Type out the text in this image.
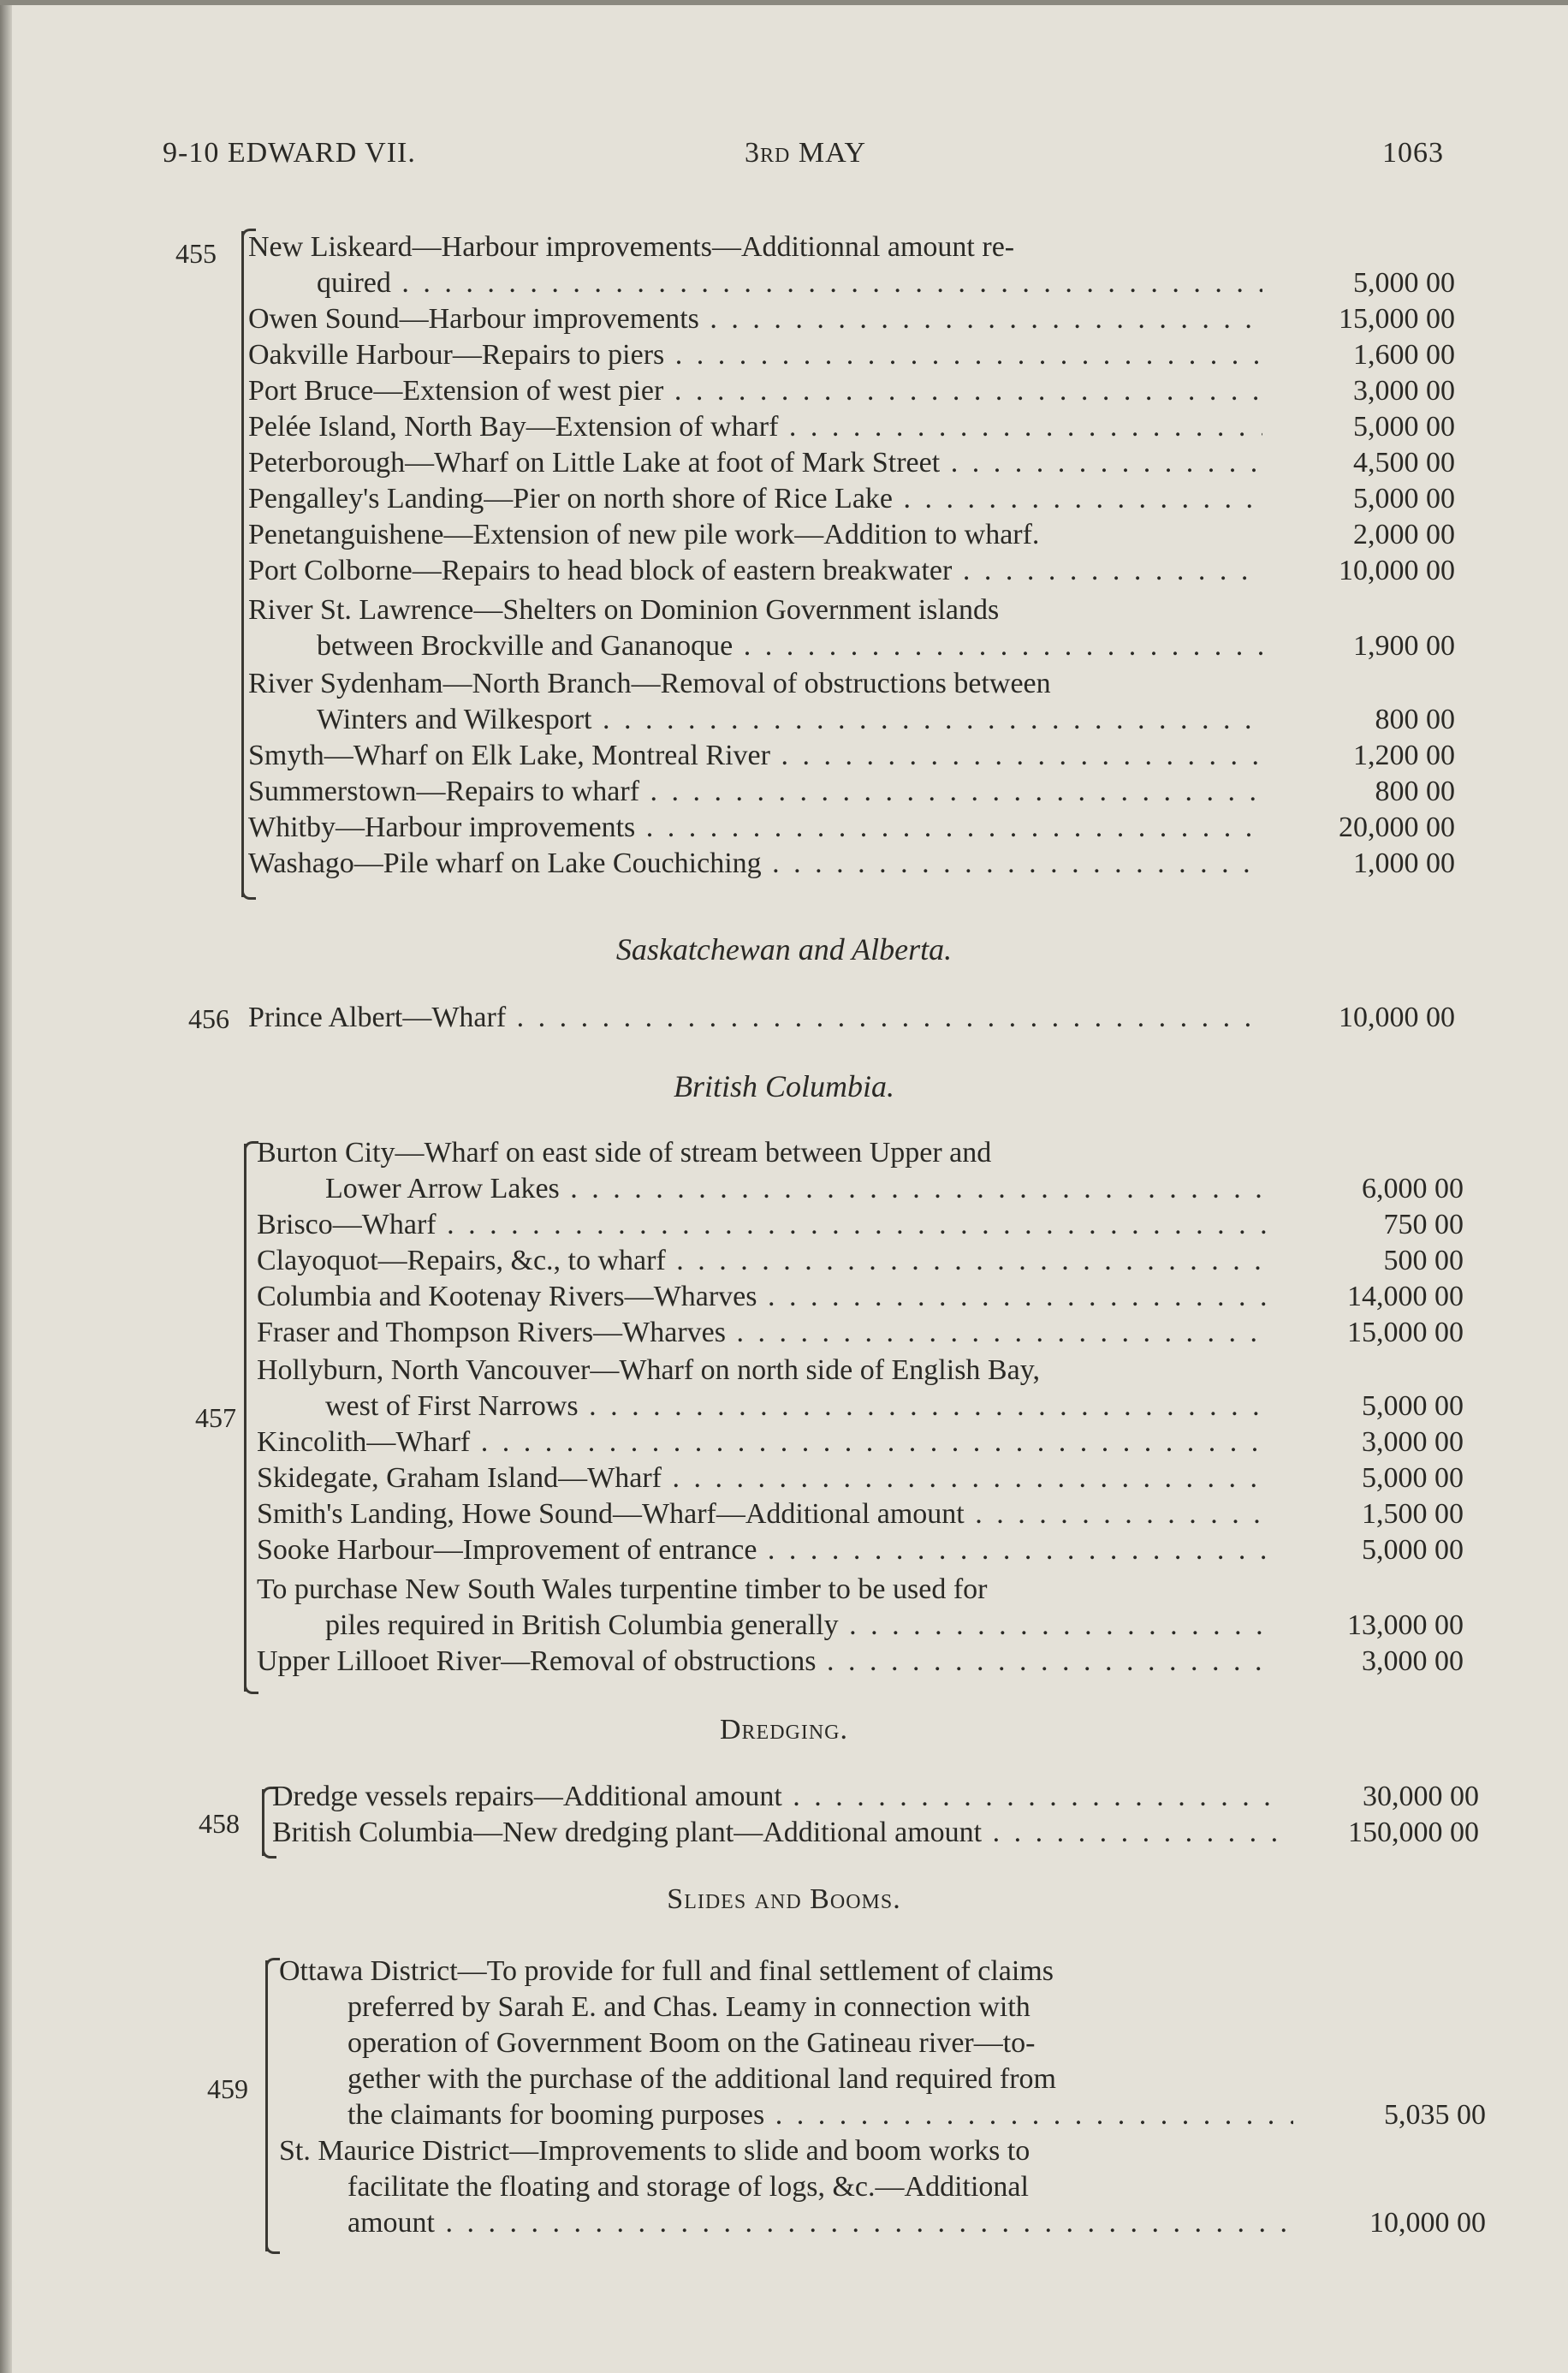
9-10 EDWARD VII.	3rd MAY	1063
455 New Liskeard—Harbour improvements—Additionnal amount re-
quired . . .	5,000 00
Owen Sound—Harbour improvements . . .	15,000 00
Oakville Harbour—Repairs to piers . . .	1,600 00
Port Bruce—Extension of west pier . . .	3,000 00
Pelée Island, North Bay—Extension of wharf . . .	5,000 00
Peterborough—Wharf on Little Lake at foot of Mark Street . . .	4,500 00
Pengalley's Landing—Pier on north shore of Rice Lake . . .	5,000 00
Penetanguishene—Extension of new pile work—Addition to wharf.	2,000 00
Port Colborne—Repairs to head block of eastern breakwater . . .	10,000 00
River St. Lawrence—Shelters on Dominion Government islands
between Brockville and Gananoque . . .	1,900 00
River Sydenham—North Branch—Removal of obstructions between
Winters and Wilkesport . . .	800 00
Smyth—Wharf on Elk Lake, Montreal River . . .	1,200 00
Summerstown—Repairs to wharf . . .	800 00
Whitby—Harbour improvements . . .	20,000 00
Washago—Pile wharf on Lake Couchiching . . .	1,000 00
Saskatchewan and Alberta.
456 Prince Albert—Wharf . . .	10,000 00
British Columbia.
457
Burton City—Wharf on east side of stream between Upper and
Lower Arrow Lakes . . .	6,000 00
Brisco—Wharf . . .	750 00
Clayoquot—Repairs, &c., to wharf . . .	500 00
Columbia and Kootenay Rivers—Wharves . . .	14,000 00
Fraser and Thompson Rivers—Wharves . . .	15,000 00
Hollyburn, North Vancouver—Wharf on north side of English Bay,
west of First Narrows . . .	5,000 00
Kincolith—Wharf . . .	3,000 00
Skidegate, Graham Island—Wharf . . .	5,000 00
Smith's Landing, Howe Sound—Wharf—Additional amount . . .	1,500 00
Sooke Harbour—Improvement of entrance . . .	5,000 00
To purchase New South Wales turpentine timber to be used for
piles required in British Columbia generally . . .	13,000 00
Upper Lillooet River—Removal of obstructions . . .	3,000 00
Dredging.
458
Dredge vessels repairs—Additional amount . . .	30,000 00
British Columbia—New dredging plant—Additional amount . . .	150,000 00
Slides and Booms.
459
Ottawa District—To provide for full and final settlement of claims
preferred by Sarah E. and Chas. Leamy in connection with
operation of Government Boom on the Gatineau river—to-
gether with the purchase of the additional land required from
the claimants for booming purposes . . .	5,035 00
St. Maurice District—Improvements to slide and boom works to
facilitate the floating and storage of logs, &c.—Additional
amount . . .	10,000 00
